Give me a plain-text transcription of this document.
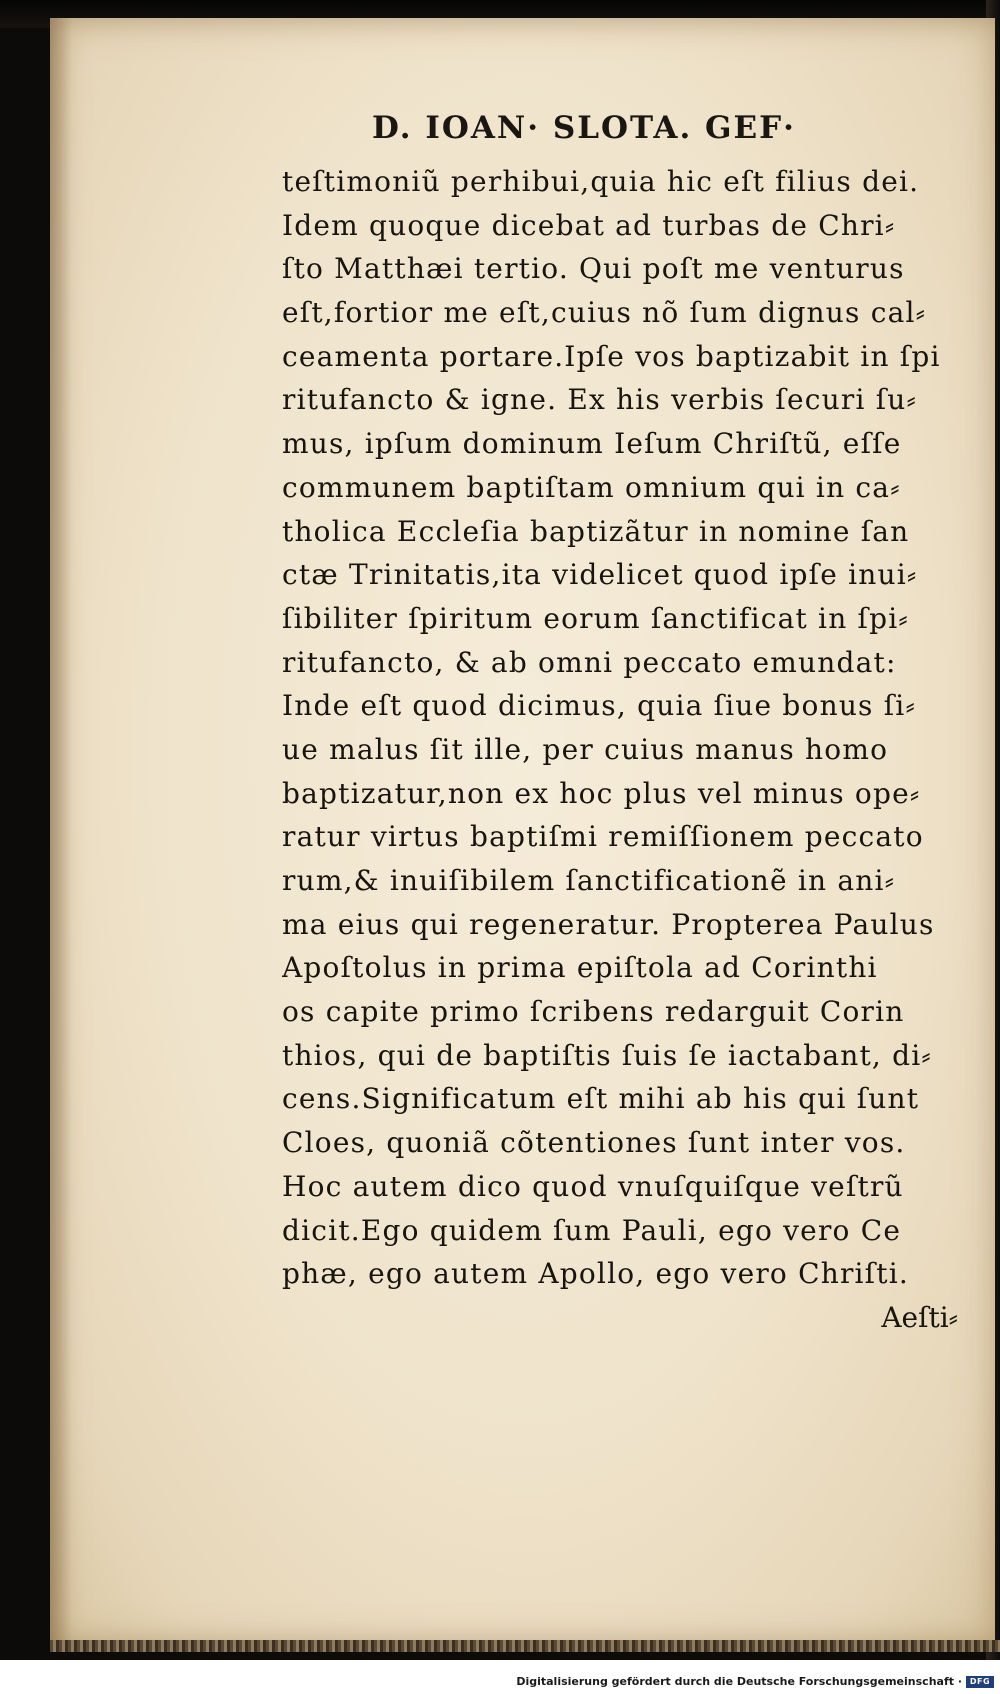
D. IOAN· SLOTA. GEF·
teſtimoniũ perhibui,quia hic eſt filius dei.
Idem quoque dicebat ad turbas de Chri⸗
ſto Matthæi tertio. Qui poſt me venturus
eſt,fortior me eſt,cuius nõ ſum dignus cal⸗
ceamenta portare.Ipſe vos baptizabit in ſpi
ritufancto & igne. Ex his verbis ſecuri ſu⸗
mus, ipſum dominum Ieſum Chriſtũ, eſſe
communem baptiſtam omnium qui in ca⸗
tholica Eccleſia baptizãtur in nomine ſan
ctæ Trinitatis,ita videlicet quod ipſe inui⸗
ſibiliter ſpiritum eorum ſanctificat in ſpi⸗
ritufancto, & ab omni peccato emundat:
Inde eſt quod dicimus, quia ſiue bonus ſi⸗
ue malus ſit ille, per cuius manus homo
baptizatur,non ex hoc plus vel minus ope⸗
ratur virtus baptiſmi remiſſionem peccato
rum,& inuiſibilem ſanctificationẽ in ani⸗
ma eius qui regeneratur. Propterea Paulus
Apoſtolus in prima epiſtola ad Corinthi
os capite primo ſcribens redarguit Corin
thios, qui de baptiſtis ſuis ſe iactabant, di⸗
cens.Significatum eſt mihi ab his qui ſunt
Cloes, quoniã cõtentiones ſunt inter vos.
Hoc autem dico quod vnuſquiſque veſtrũ
dicit.Ego quidem ſum Pauli, ego vero Ce
phæ, ego autem Apollo, ego vero Chriſti.
Aeſti⸗
Digitalisierung gefördert durch die Deutsche Forschungsgemeinschaft · DFG
